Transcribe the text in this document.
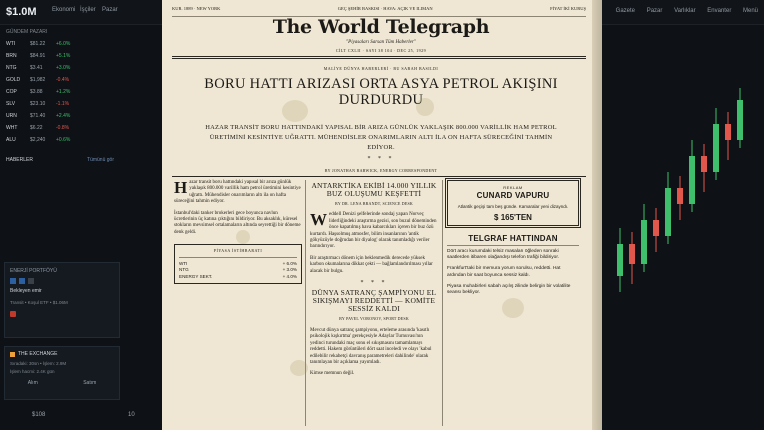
$1.0M	Ekonomi İşçiler Pazar	Gazete Pazar Varlıklar Envanter Menü
GÜNDEM PAZARI
WTI	$81.22	+6.0%
BRN	$84.91	+5.1%
NTG	$3.41	+3.0%
GOLD	$1,982	-0.4%
COP	$3.88	+1.2%
SLV	$23.10	-1.1%
URN	$71.40	+2.4%
WHT	$6.22	-0.8%
ALU	$2,240	+0.6%
HABERLER	Tümünü gör
ENERJİ PORTFÖYÜ
Bekleyen emir
Transit • Koşul ETF • $1.06M
THE EXCHANGE
Sıradaki: 30sn • İşlem: 2.9M
İşlem hacmi: 2.4K gün
Alım	Satım
$108	10
KUR. 1889 · NEW YORK	GEÇ ŞEHİR BASKISI · HAVA: AÇIK VE ILIMAN	FİYAT İKİ KURUŞ
The World Telegraph
"Piyasaları Sarsan Tüm Haberler"
CİLT CXLII · SAYI 38 104 · DEC 25, 1929
MALİYE DÜNYA HABERLERİ · BU SABAH BASILDI
BORU HATTI ARIZASI ORTA ASYA PETROL AKIŞINI DURDURDU
HAZAR TRANSİT BORU HATTINDAKİ YAPISAL BİR ARIZA GÜNLÜK YAKLAŞIK 800.000 VARİLLİK HAM PETROL ÜRETİMİNİ KESİNTİYE UĞRATTI. MÜHENDİSLER ONARIMLARIN ALTI İLA ON HAFTA SÜRECEĞİNİ TAHMİN EDİYOR.
* * *
BY JONATHAN BARWICK, ENERGY CORRESPONDENT

Hazar transit boru hattındaki yapısal bir arıza günlük yaklaşık 800.000 varillik ham petrol üretimini kesintiye uğrattı. Mühendisler onarımların altı ila on hafta süreceğini tahmin ediyor.

İstanbul'daki tanker brokerleri gece boyunca navlun ücretlerinin üç katına çıktığını bildiriyor. Bu aksaklık, küresel stokların mevsimsel ortalamaların altında seyrettiği bir döneme denk geldi.

PİYASA İSTİHBARATI
WTI	+ 6.0%
NTG	+ 3.0%
ENERGY SEKT.	+ 4.0%
ANTARKTİKA EKİBİ 14.000 YILLIK BUZ OLUŞUMU KEŞFETTİ
BY DR. LENA BRANDT, SCIENCE DESK

Weddell Denizi şelfelerinde sondaj yapan Norveç liderliğindeki araştırma gezisi, son buzul döneminden önce kapatılmış hava kabarcıkları içeren bir buz özü kurtardı. Haşsolmuş atmosfer, bilim insanlarının 'antik gökyüzüyle doğrudan bir diyalog' olarak tanımladığı veriler barındırıyor.

Bir araştırmacı dönem için beklenmedik derecede yüksek karbon okumalarına dikkat çekti — bağlamlandırılması yıllar alacak bir bulgu.

* * *
DÜNYA SATRANÇ ŞAMPİYONU EL SIKIŞMAYI REDDETTİ — KOMİTE SESSİZ KALDI
BY PAVEL VORONOV, SPORT DESK

Mevcut dünya satranç şampiyonu, erteleme arasında 'kasıtlı psikolojik kışkırtma' gerekçesiyle Adaylar Turnuvası'nın yedinci turundaki maç sonu el sıkışmasını tamamlamayı reddetti. Hakem görüntüleri dört saat inceledi ve olayı 'kabul edilebilir rekabetçi davranış parametreleri dahilinde' olarak tanımlayan bir açıklama yayımladı.

Kimse memnun değil.

REKLAM
CUNARD VAPURU
Atlantik geçişi tam beş günde. Kamaralar yeni dizayndı.
$ 165'TEN
TELGRAF HATTINDAN

Dört aracı kurumdaki telsiz masaları öğleden sonraki saatlerden itibaren olağandışı telefon trafiği bildiriyor.

Frankfurt'taki bir memura yorum sorulsu, reddetti. Hat ardından bir saat boyunca sessiz kaldı.

Piyasa muhabirleri sabah açılış zilinde belirgin bir volatilite seansı bekliyor.
